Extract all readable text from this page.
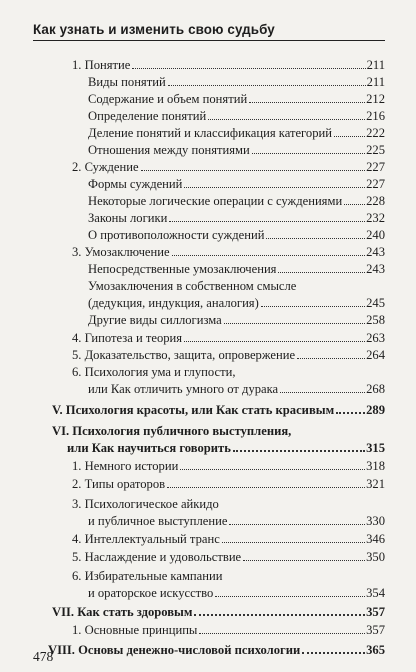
Как узнать и изменить свою судьбу
1. Понятие	211
Виды понятий	211
Содержание и объем понятий	212
Определение понятий	216
Деление понятий и классификация категорий	222
Отношения между понятиями	225
2. Суждение	227
Формы суждений	227
Некоторые логические операции с суждениями 228
Законы логики	232
О противоположности суждений	240
3. Умозаключение	243
Непосредственные умозаключения	243
Умозаключения в собственном смысле
(дедукция, индукция, аналогия)	245
Другие виды силлогизма	258
4. Гипотеза и теория	263
5. Доказательство, защита, опровержение	264
6. Психология ума и глупости,
или Как отличить умного от дурака	268
V. Психология красоты, или Как стать красивым	289
VI. Психология публичного выступления,
или Как научиться говорить	315
1. Немного истории	318
2. Типы ораторов	321
3. Психологическое айкидо
и публичное выступление	330
4. Интеллектуальный транс	346
5. Наслаждение и удовольствие	350
6. Избирательные кампании
и ораторское искусство	354
VII. Как стать здоровым	357
1. Основные принципы	357
VIII. Основы денежно-числовой психологии	365
478
